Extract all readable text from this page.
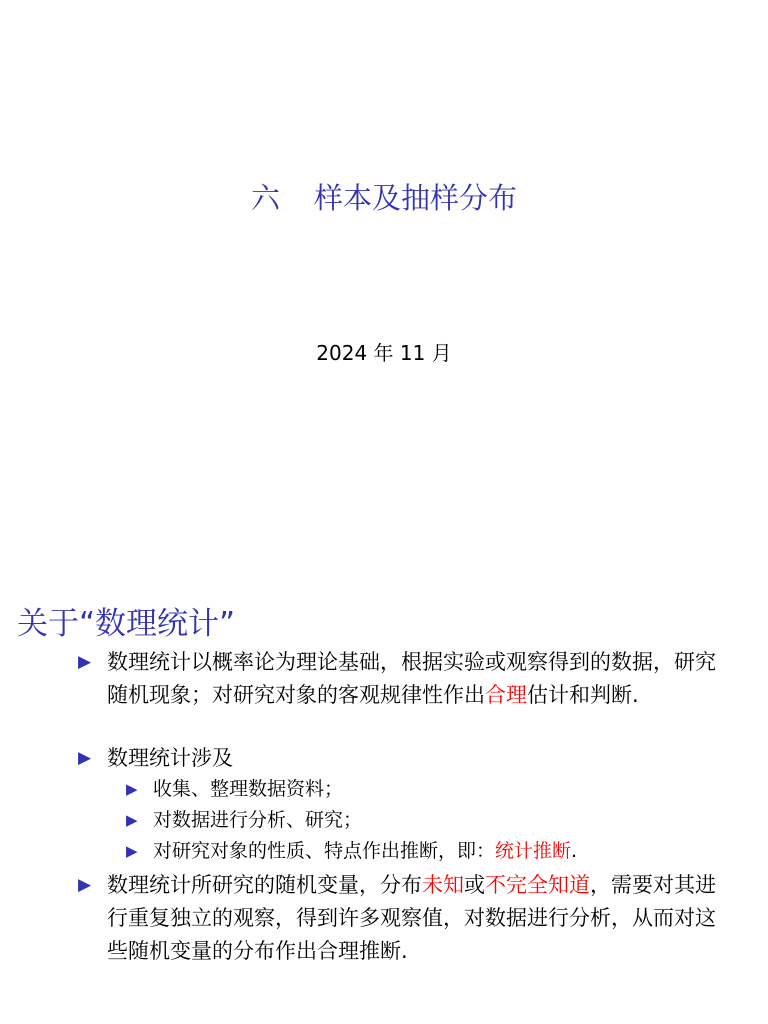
六 样本及抽样分布
2024 年 11 月
关于“数理统计”
▶ 数理统计以概率论为理论基础，根据实验或观察得到的数据，研究随机现象；对研究对象的客观规律性作出合理估计和判断.
▶ 数理统计涉及
▶ 收集、整理数据资料；
▶ 对数据进行分析、研究；
▶ 对研究对象的性质、特点作出推断，即：统计推断.
▶ 数理统计所研究的随机变量，分布未知或不完全知道，需要对其进行重复独立的观察，得到许多观察值，对数据进行分析，从而对这些随机变量的分布作出合理推断.
